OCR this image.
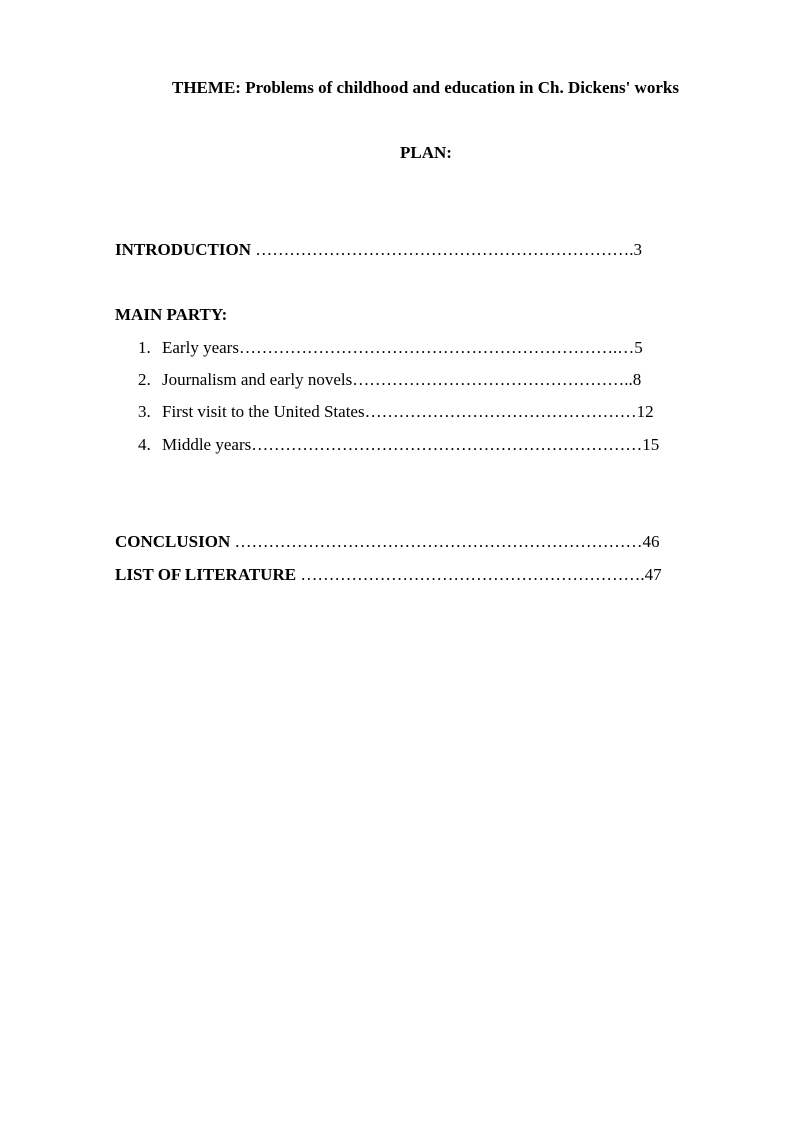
THEME: Problems of childhood and education in Ch. Dickens' works
PLAN:
INTRODUCTION ………………………………………………………….3
MAIN PARTY:
1. Early years………………………………………………………….…5
2. Journalism and early novels…………………………………………..8
3. First visit to the United States…………………………………………12
4. Middle years……………………………………………………………15
CONCLUSION ………………………………………………………………46
LIST OF LITERATURE …………………………………………………….47
